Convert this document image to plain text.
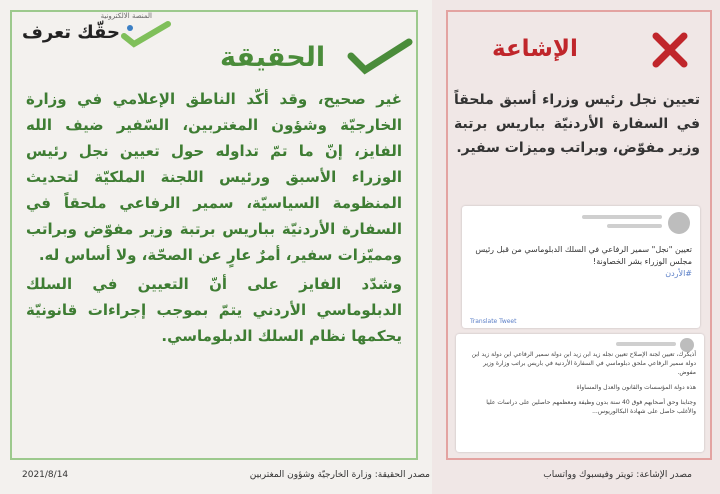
المنصة الالكترونية
حقّك تعرف
الحقيقة

غير صحيح، وقد أكّد الناطق الإعلامي في وزارة الخارجيّة وشؤون المغتربين، السّفير ضيف الله الفايز، إنّ ما تمّ تداوله حول تعيين نجل رئيس الوزراء الأسبق ورئيس اللجنة الملكيّة لتحديث المنظومة السياسيّة، سمير الرفاعي ملحقاً في السفارة الأردنيّة بباريس برتبة وزير مفوّض وبراتب ومميّزات سفير، أمرٌ عارٍ عن الصحّة، ولا أساس له.

وشدّد الفايز على أنّ التعيين في السلك الدبلوماسي الأردني يتمّ بموجب إجراءات قانونيّة يحكمها نظام السلك الدبلوماسي.

2021/8/14	مصدر الحقيقة: وزارة الخارجيّة وشؤون المغتربين
الإشاعة
تعيين نجل رئيس وزراء أسبق ملحقاً في السفارة الأردنيّة بباريس برتبة وزير مفوّض، وبراتب وميزات سفير.
تعيين "نجل" سمير الرفاعي في السلك الدبلوماسي من قبل رئيس مجلس الوزراء بشر الخصاونة!
#الأردن
Translate Tweet

أذيكرك، تعيين لجنة الإصلاح تعيين نجله زيد ابن زيد ابن دولة سمير الرفاعي ابن دولة زيد ابن دولة سمير الرفاعي ملحق دبلوماسي في السفارة الأردنية في باريس براتب وزارة وزير مفوض.

هذه دولة المؤسسات والقانون والعدل والمساواة

وجنابنا وحق أصحابهم فوق 40 سنة بدون وظيفة ومعظمهم حاصلين على دراسات عليا والأغلب حاصل على شهادة البكالوريوس...

مصدر الإشاعة: تويتر وفيسبوك وواتساب
